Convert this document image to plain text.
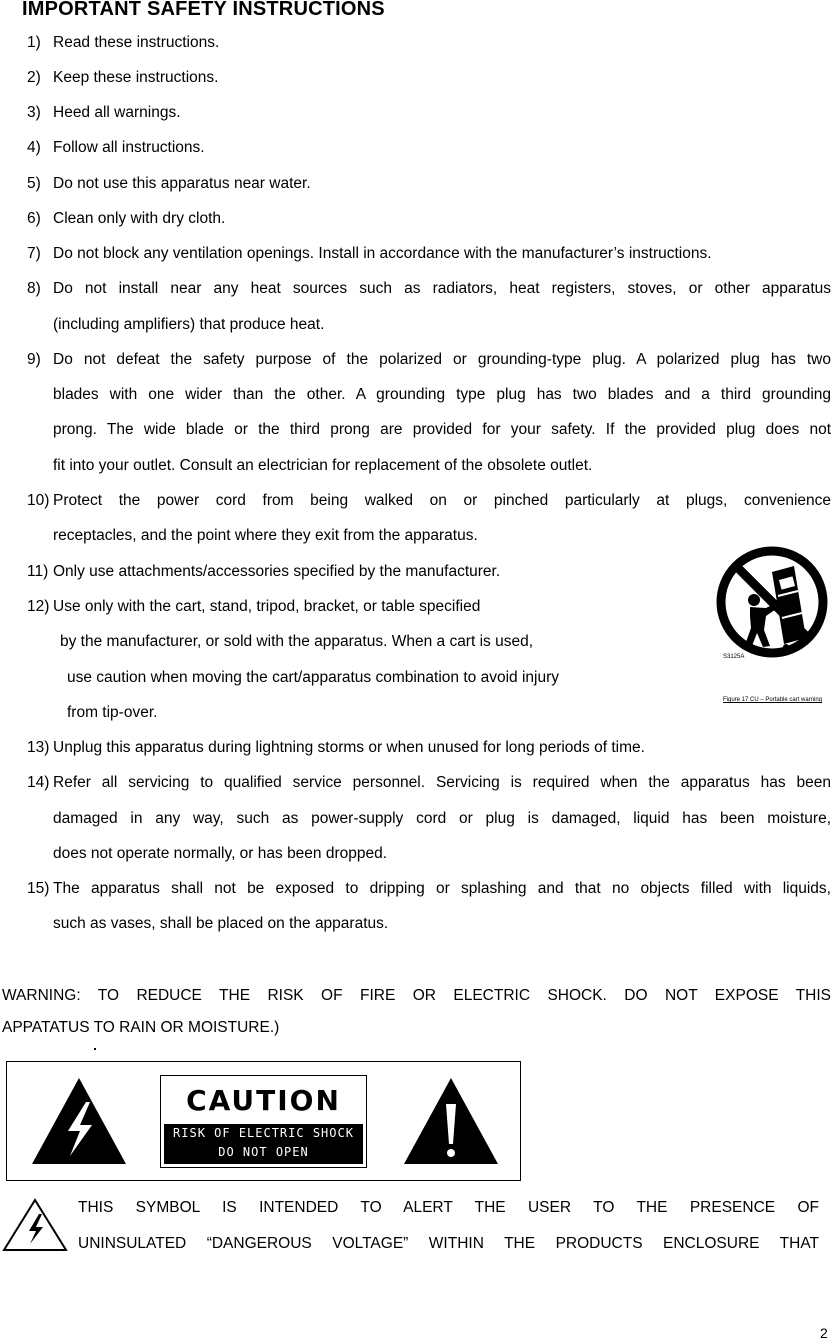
IMPORTANT SAFETY INSTRUCTIONS
1) Read these instructions.
2) Keep these instructions.
3) Heed all warnings.
4) Follow all instructions.
5) Do not use this apparatus near water.
6) Clean only with dry cloth.
7) Do not block any ventilation openings. Install in accordance with the manufacturer’s instructions.
8) Do not install near any heat sources such as radiators, heat registers, stoves, or other apparatus
(including amplifiers) that produce heat.
9) Do not defeat the safety purpose of the polarized or grounding-type plug. A polarized plug has two
blades with one wider than the other. A grounding type plug has two blades and a third grounding
prong. The wide blade or the third prong are provided for your safety. If the provided plug does not
fit into your outlet. Consult an electrician for replacement of the obsolete outlet.
10) Protect the power cord from being walked on or pinched particularly at plugs, convenience
receptacles, and the point where they exit from the apparatus.
11) Only use attachments/accessories specified by the manufacturer.
12) Use only with the cart, stand, tripod, bracket, or table specified
by the manufacturer, or sold with the apparatus. When a cart is used,
use caution when moving the cart/apparatus combination to avoid injury
from tip-over.
13) Unplug this apparatus during lightning storms or when unused for long periods of time.
14) Refer all servicing to qualified service personnel. Servicing is required when the apparatus has been
damaged in any way, such as power-supply cord or plug is damaged, liquid has been moisture,
does not operate normally, or has been dropped.
15) The apparatus shall not be exposed to dripping or splashing and that no objects filled with liquids,
such as vases, shall be placed on the apparatus.
S3125A
Figure 17 CU – Portable cart warning
WARNING: TO REDUCE THE RISK OF FIRE OR ELECTRIC SHOCK. DO NOT EXPOSE THIS
APPATATUS TO RAIN OR MOISTURE.)
CAUTION
RISK OF ELECTRIC SHOCK
DO NOT OPEN
THIS SYMBOL IS INTENDED TO ALERT THE USER TO THE PRESENCE OF
UNINSULATED “DANGEROUS VOLTAGE” WITHIN THE PRODUCTS ENCLOSURE THAT
2
